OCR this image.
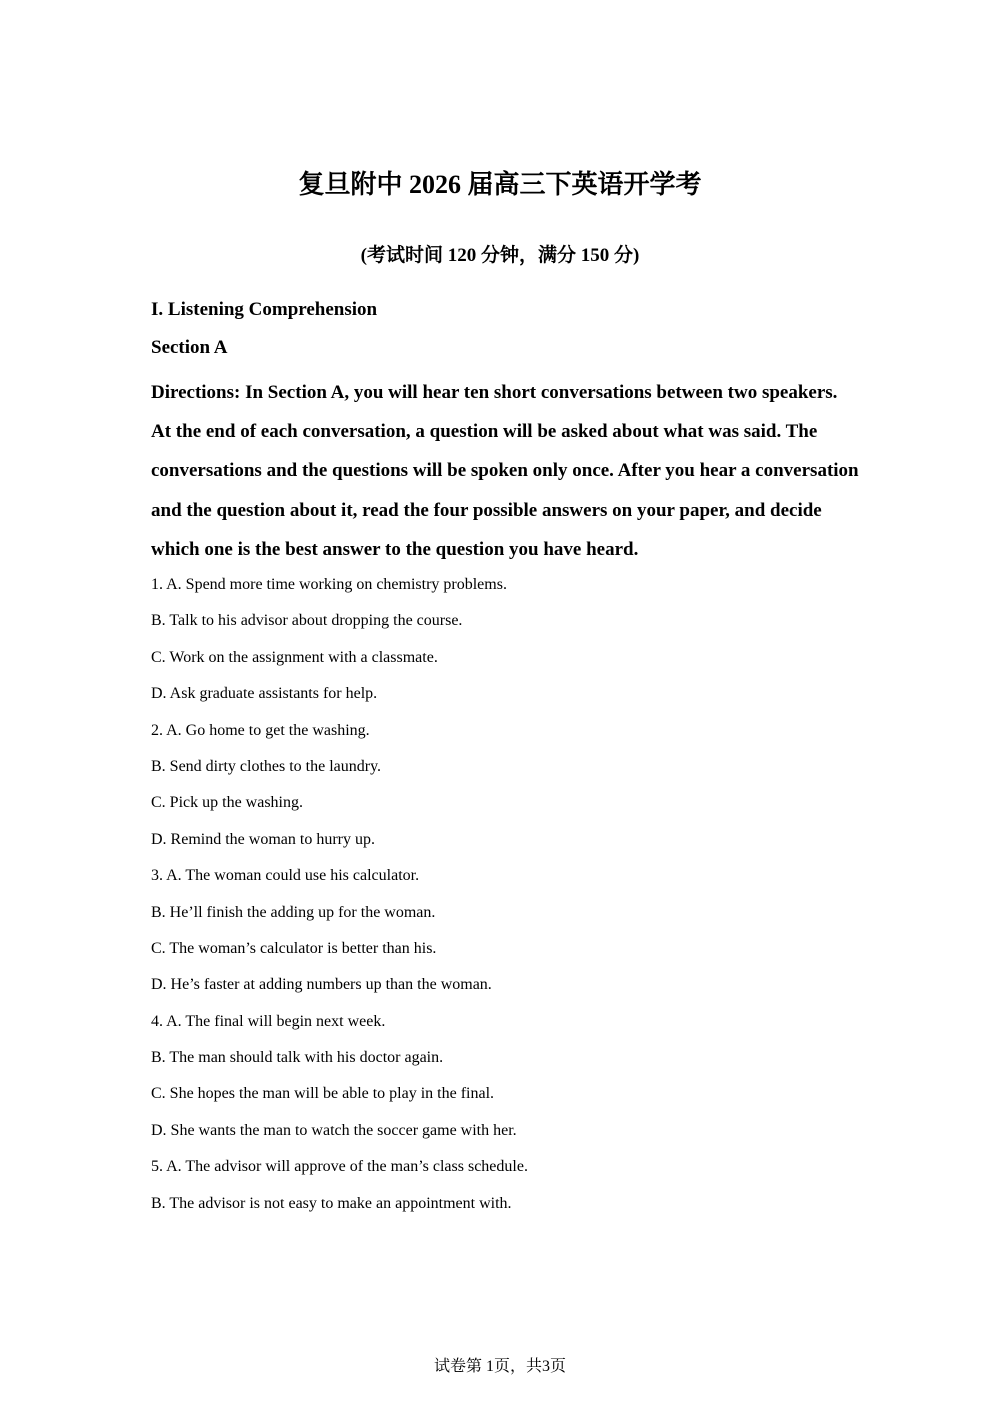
复旦附中 2026 届高三下英语开学考
(考试时间 120 分钟，满分 150 分)
I. Listening Comprehension
Section A
Directions: In Section A, you will hear ten short conversations between two speakers. At the end of each conversation, a question will be asked about what was said. The conversations and the questions will be spoken only once. After you hear a conversation and the question about it, read the four possible answers on your paper, and decide which one is the best answer to the question you have heard.
1. A. Spend more time working on chemistry problems.
B. Talk to his advisor about dropping the course.
C. Work on the assignment with a classmate.
D. Ask graduate assistants for help.
2. A. Go home to get the washing.
B. Send dirty clothes to the laundry.
C. Pick up the washing.
D. Remind the woman to hurry up.
3. A. The woman could use his calculator.
B. He’ll finish the adding up for the woman.
C. The woman’s calculator is better than his.
D. He’s faster at adding numbers up than the woman.
4. A. The final will begin next week.
B. The man should talk with his doctor again.
C. She hopes the man will be able to play in the final.
D. She wants the man to watch the soccer game with her.
5. A. The advisor will approve of the man’s class schedule.
B. The advisor is not easy to make an appointment with.
试卷第 1页，共3页
